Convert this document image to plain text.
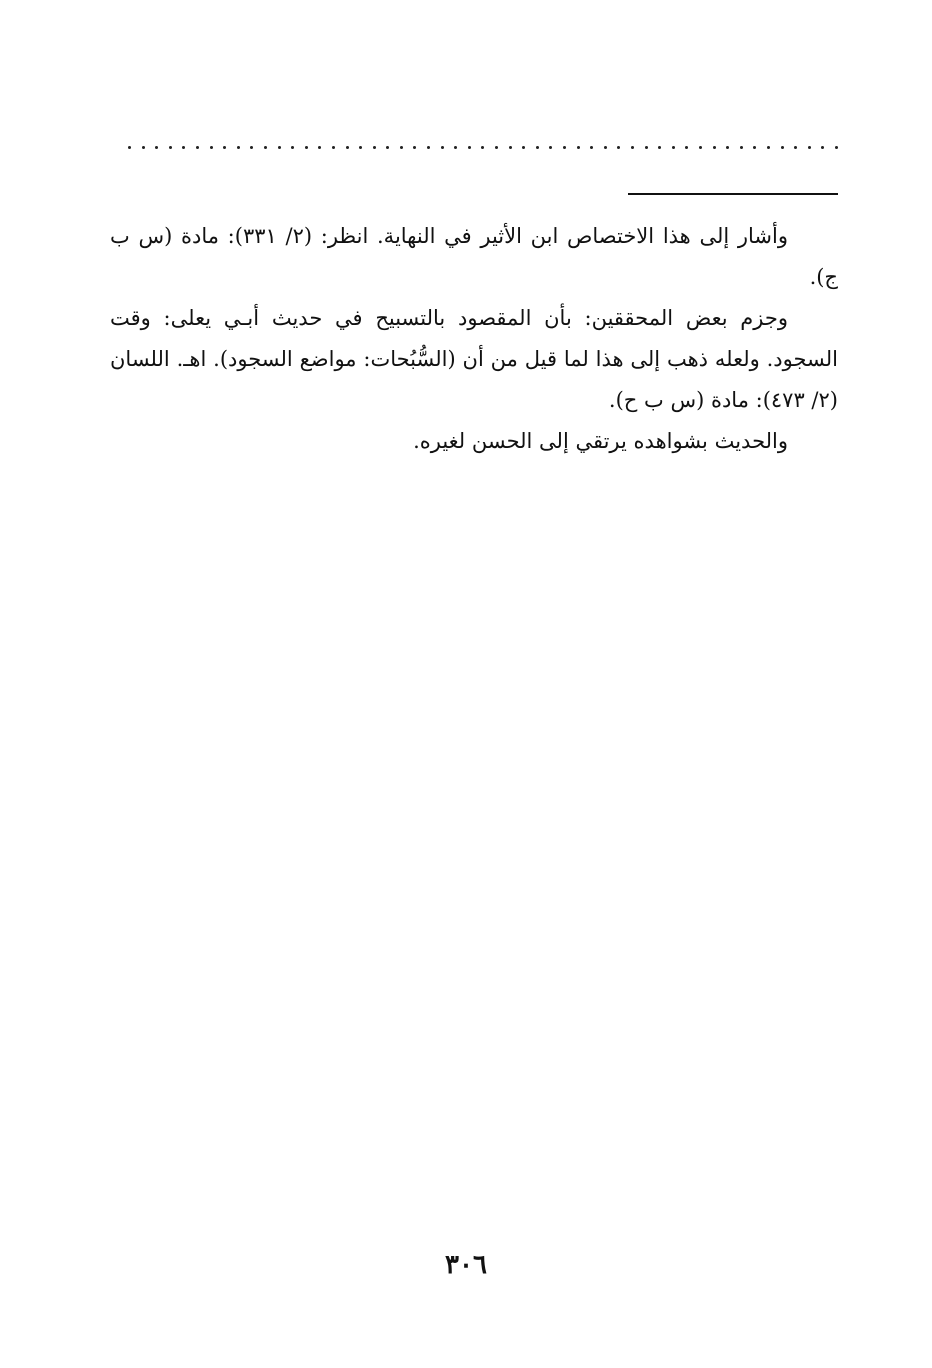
وأشار إلى هذا الاختصاص ابن الأثير في النهاية. انظر: (٢/ ٣٣١): مادة (س ب ج).

وجزم بعض المحققين: بأن المقصود بالتسبيح في حديث أبـي يعلى: وقت السجود. ولعله ذهب إلى هذا لما قيل من أن (السُّبُحات: مواضع السجود). اهـ. اللسان (٢/ ٤٧٣): مادة (س ب ح).

والحديث بشواهده يرتقي إلى الحسن لغيره.

٣٠٦
